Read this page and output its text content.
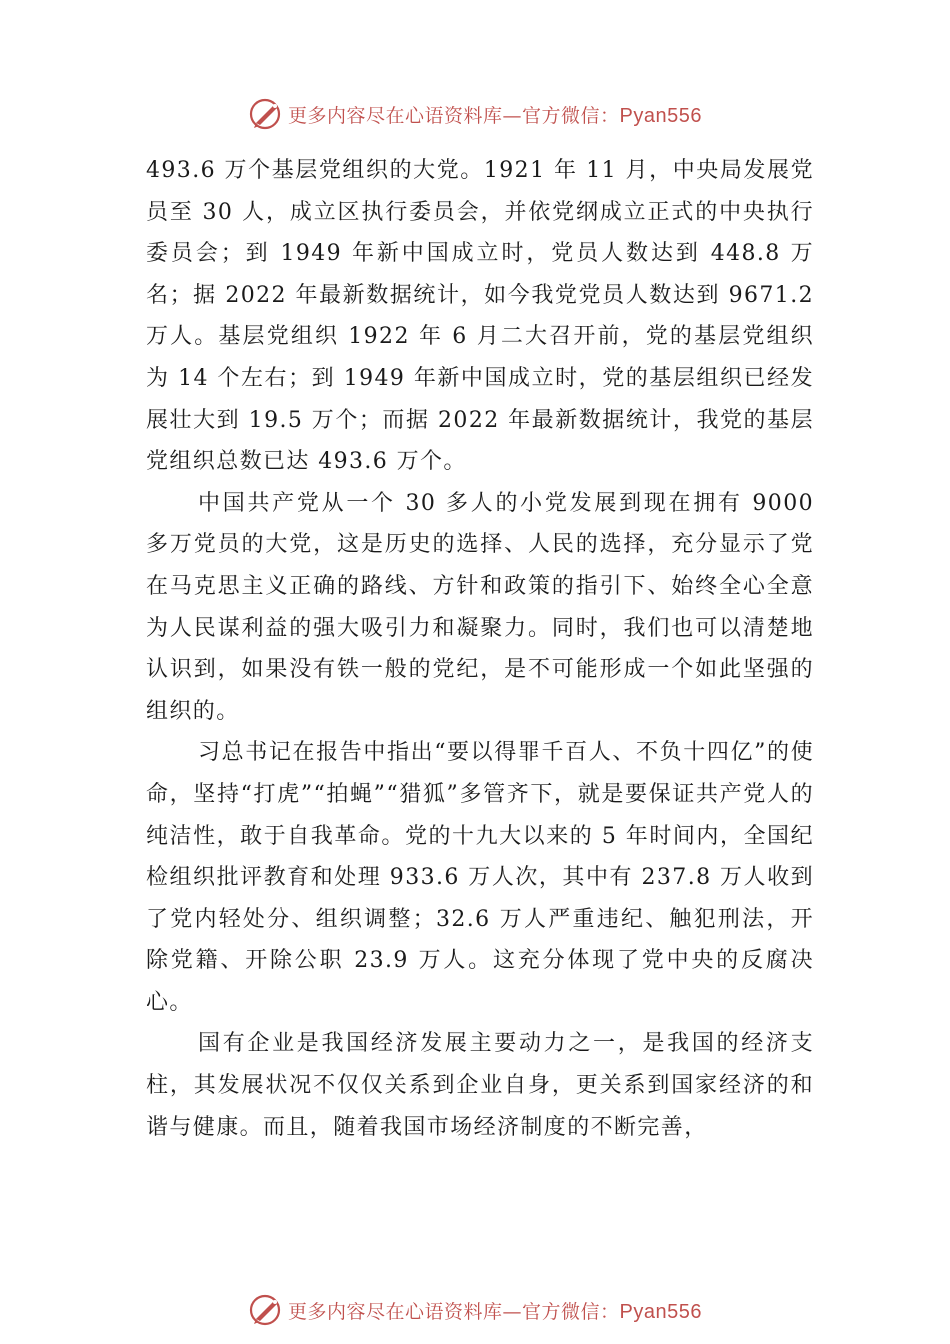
更多内容尽在心语资料库—官方微信：Pyan556

493.6 万个基层党组织的大党。1921 年 11 月，中央局发展党员至 30 人，成立区执行委员会，并依党纲成立正式的中央执行委员会；到 1949 年新中国成立时，党员人数达到 448.8 万名；据 2022 年最新数据统计，如今我党党员人数达到 9671.2 万人。基层党组织 1922 年 6 月二大召开前，党的基层党组织为 14 个左右；到 1949 年新中国成立时，党的基层组织已经发展壮大到 19.5 万个；而据 2022 年最新数据统计，我党的基层党组织总数已达 493.6 万个。

中国共产党从一个 30 多人的小党发展到现在拥有 9000 多万党员的大党，这是历史的选择、人民的选择，充分显示了党在马克思主义正确的路线、方针和政策的指引下、始终全心全意为人民谋利益的强大吸引力和凝聚力。同时，我们也可以清楚地认识到，如果没有铁一般的党纪，是不可能形成一个如此坚强的组织的。

习总书记在报告中指出“要以得罪千百人、不负十四亿”的使命，坚持“打虎”“拍蝇”“猎狐”多管齐下，就是要保证共产党人的纯洁性，敢于自我革命。党的十九大以来的 5 年时间内，全国纪检组织批评教育和处理 933.6 万人次，其中有 237.8 万人收到了党内轻处分、组织调整；32.6 万人严重违纪、触犯刑法，开除党籍、开除公职 23.9 万人。这充分体现了党中央的反腐决心。

国有企业是我国经济发展主要动力之一，是我国的经济支柱，其发展状况不仅仅关系到企业自身，更关系到国家经济的和谐与健康。而且，随着我国市场经济制度的不断完善，

更多内容尽在心语资料库—官方微信：Pyan556
